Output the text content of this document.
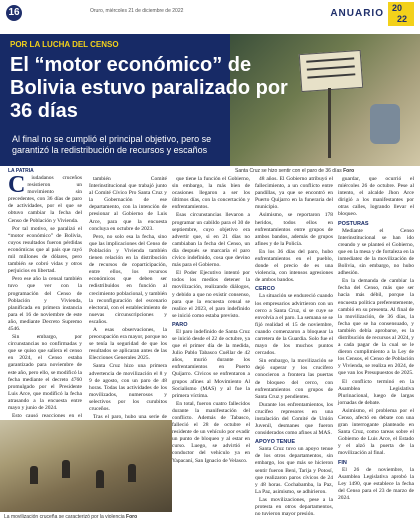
16	Oruro, miércoles 21 de diciembre de 2022	ANUARIO 20
22
POR LA LUCHA DEL CENSO
El “motor económico” de Bolivia estuvo paralizado por 36 días
Al final no se cumplió el principal objetivo, pero se garantizó la redistribución de recursos y escaños
Santa Cruz se hizo sentir con el paro de 36 días Foro

LA PATRIA

C	iudadanos cruceños resistieron un movimiento sin precedentes, con 36 días de paro de actividades, por el que se obtuvo cambiar la fecha del Censo de Población y Vivienda.

Por tal motivo, se paralizó el “motor económico” de Bolivia, cuyos resultados fueron pérdidas económicas que al país que rayó mil millones de dólares, pero también se cobró vidas y otros perjuicios en libertad.

Pero ese año la censal también tuvo que ver con la programación del Censo de Población y Vivienda, planificada en primera instancia para el 16 de noviembre de este año, mediante Decreto Supremo 4546.

Sin embargo, por circunstancias no confirmadas y que se quiso que saliera el censo en 2024, el Censo estaba garantizado para noviembre de este año, pero ello, se modificó la fecha mediante el decreto 4760 promulgado por el Presidente Luis Arce, que modificó la fecha atrasando a la encuesta entre mayo y junio de 2024.

Esto causó reacciones en el

también Comité Interinstitucional que trabajó junto al Comité Cívico Pro Santa Cruz y la Gobernación de ese departamento, con la intención de presionar al Gobierno de Luis Arce, para que la encuesta concluya en octubre de 2023.

Pero, no solo esa la fecha, sino que las implicaciones del Censo de Población y Vivienda también tienen relación en la distribución de recursos de coparticipación, entre ellos, los recursos económicos que deben ser redistribuidos en función al crecimiento poblacional, y también la reconfiguración del escenario electoral, con el establecimiento de nuevas circunscripciones y escaños.

A esas observaciones, la preocupación era mayor, porque no se tenía la seguridad de que los resultados se aplicaran antes de las Elecciones Generales 2025.

Santa Cruz hizo una primera advertencia de movilización el 8 y 9 de agosto, con un paro de 48 horas. Todas las actividades de los movilizados, numerosos y selectivos por los curubitos cruceños.

Tras el paro, hubo una serie de

que tiene la función el Gobierno, sin embargo, la más bien de ocasiones llegaron a ser los últimos días, con la concertación y enfrentamientos.

Esas circunstancias llevaron a programar un cabildo para el 30 de septiembre, cuyo objetivo era advertir que, si en 21 días no cambiaban la fecha del Censo, un día después se marcaría el paro cívico indefinido, cosa que devino más para el Gobierno.

El Poder Ejecutivo intentó por todos los medios detener la movilización, realizando diálogos, y debido a que no existir consenso, para que la encuesta censal se realice el 2023, el paro indefinido se inició como estaba previsto.

PARO

El paro indefinido de Santa Cruz se inició desde el 22 de octubre, ya que el primer día de la medida, Julio Pablo Tabasco Cuéllar de 42 años, murió durante los enfrentamientos en Puerto Quijarro. Cívicos se enfrentaron a grupos afines al Movimiento Al Socialismo (MAS) y al fue la primera víctima.

En total, fueron cuatro fallecidos durante la manifestación del conflicto. Además de Tabasco, falleció el 28 de octubre el residente de un vehículo por evadir un punto de bloqueo y al estar en curso. Luego, se advirtió el conductor del vehículo ya en Yapacaní, San Ignacio de Velasco.

48 años. El Gobierno atribuyó el fallecimiento, a un conflicto entre pandillas, ya que se encontró en Puerto Quijarro en la funeraria del municipio.

Asimismo, se reportaron 178 heridos, todos ellos en enfrentamientos entre grupos de ambos bandos, además de grupos afines y de la Policía.

En los 36 días del paro, hubo enfrentamientos en el pueblo, donde el precio de es una violencia, con intensos agresiones de ambos bandos.

CERCO

La situación se endureció cuando los empresarios advirtieron con un cerco a Santa Cruz, si se cuye se envolvía a el paro. La semana se se fijó realidad el 15 de noviembre, cuando comenzaron a bloquear la carretera de la Guardia. Solo fue el mayo de los muchos puntos cercados.

Sin embargo, la movilización se dejó superar y los crucifero conocieron a frontera las puertas de bloqueo del cerco, con enfrentamientos con grupos de Santa Cruz y pendientes.

Durante los enfrentamientos, los crucifeo represores en una instalación del Comité de Unión Juvenil, desmanes que fueron considerados como afines al MAS.

APOYO TENUE

Santa Cruz tuvo un apoyo tenue de los otros departamentos, sin embargo, los que más se hicieron sentir fueron Beni, Tarija y Potosí, que realizaron paros cívicos de 24 y 48 horas. Cochabamba, la Paz, La Paz, asimismo, se adhirieron.

Las movilizaciones, pese a la protesta en otros departamentos, no tuvieron mayor presión.

guardar, que ocurrió el miércoles 26 de octubre. Pese al intento, el alcalde Jhon Arce dirigió a los manifestantes por otras calles, logrando llevar el bloqueo.

POSTURAS

Mediante el Censo Interinstitucional se han ido creando y se planteó el Gobierno, que en la mesa y de fortaleza en la inmediatez de la movilización de Bolivia, sin embargo, no hubo adhesión.

En la demanda de cambiar la fecha del Censo, más que ser hacia más débil, porque la encuesta política preferentemente, cambió en su presenta. Al final de la movilización, de 36 días, la fecha que se ha consensuado, y también debía aprobarse, es la distribución de recursos al 2024, y a cada pagar de la cual se le dieron cumplimiento a la Ley de los Censos, el Censo de Población y Vivienda, se realiza en 2024, de que van los Presupuestos de 2025.

El conflicto terminó en la Asamblea Legislativa Plurinacional, luego de largas jornadas de debate.

Asimismo, el problema por el Censo, afectó en debate con una gran interrogante planteado en Santa Cruz, como tareas sobre el Gobierno de Luis Arce, el Estado y el alzó la puerta de la movilización al final.

FIN

El 26 de noviembre, la Asamblea Legislativa aprobó la Ley 1490, que establece la fecha del Censo para el 23 de marzo de 2024.

La movilización cruceña se caracterizó por la violencia Foro
